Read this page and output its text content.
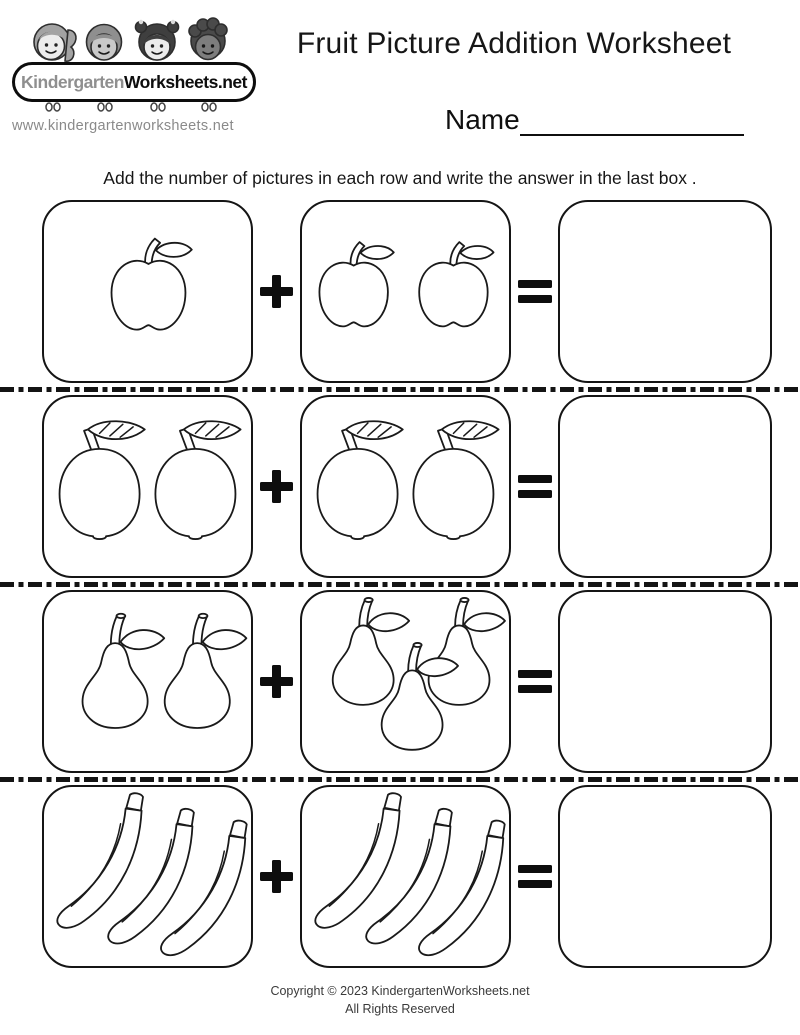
Kindergarten Worksheets.net
www.kindergartenworksheets.net
Fruit Picture Addition Worksheet
Name
Add the number of pictures in each row and write the answer in the last box .
Copyright © 2023 KindergartenWorksheets.net
All Rights Reserved
